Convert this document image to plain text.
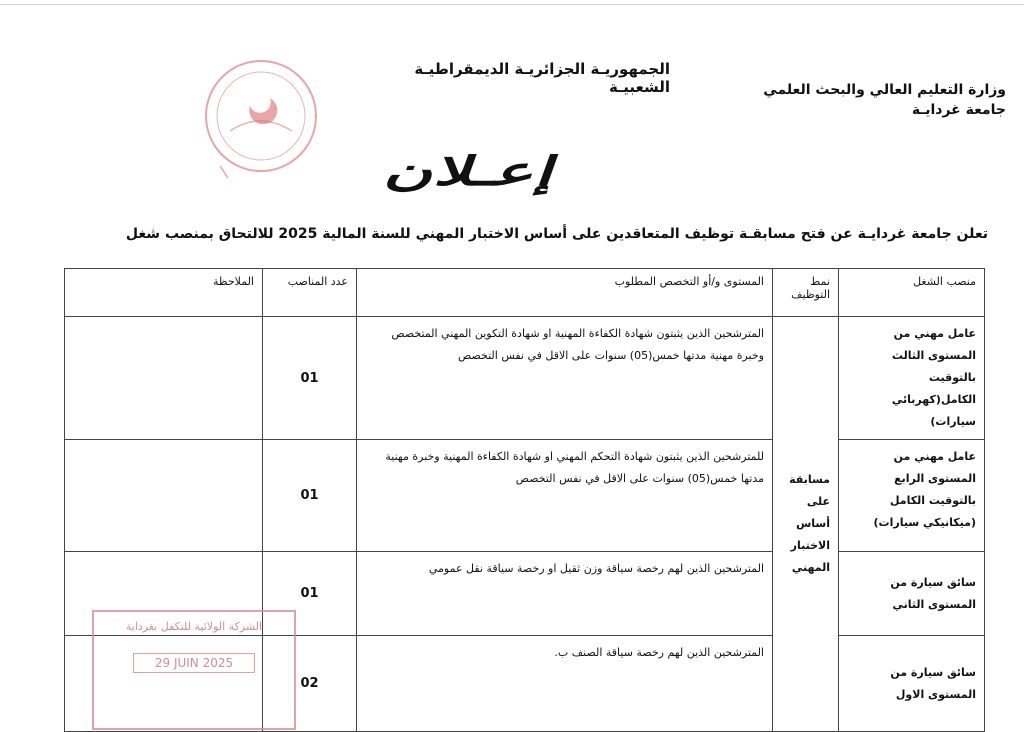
الجمهوريـة الجزائريـة الديمقراطيـة الشعبيـة	وزارة التعليم العالي والبحث العلمي
جامعة غردايـة
إعـلان
تعلن جامعة غردايـة عن فتح مسابقـة توظيف المتعاقدين على أساس الاختبار المهني للسنة المالية 2025 للالتحاق بمنصب شغل
منصب الشغل	نمط التوظيف	المستوى و/أو التخصص المطلوب	عدد المناصب	الملاحظة
عامل مهني من المستوى الثالث بالتوقيت الكامل(كهربائي سيارات)	مسابقة على أساس الاختبار المهني	المترشحين الذين يثبتون شهادة الكفاءة المهنية او شهادة التكوين المهني المتخصص وخبرة مهنية مدتها خمس(05) سنوات على الاقل في نفس التخصص	01	
عامل مهني من المستوى الرابع بالتوقيت الكامل (ميكانيكي سيارات)		للمترشحين الذين يثبتون شهادة التحكم المهني او شهادة الكفاءة المهنية وخبرة مهنية مدتها خمس(05) سنوات على الاقل في نفس التخصص	01	
سائق سيارة من المستوى الثاني		المترشحين الذين لهم رخصة سياقة وزن ثقيل او رخصة سياقة نقل عمومي	01	
سائق سيارة من المستوى الاول		المترشحين الذين لهم رخصة سياقة الصنف ب.	02	
الشركة الولائية للتكفل بغرداية
29 JUIN 2025
